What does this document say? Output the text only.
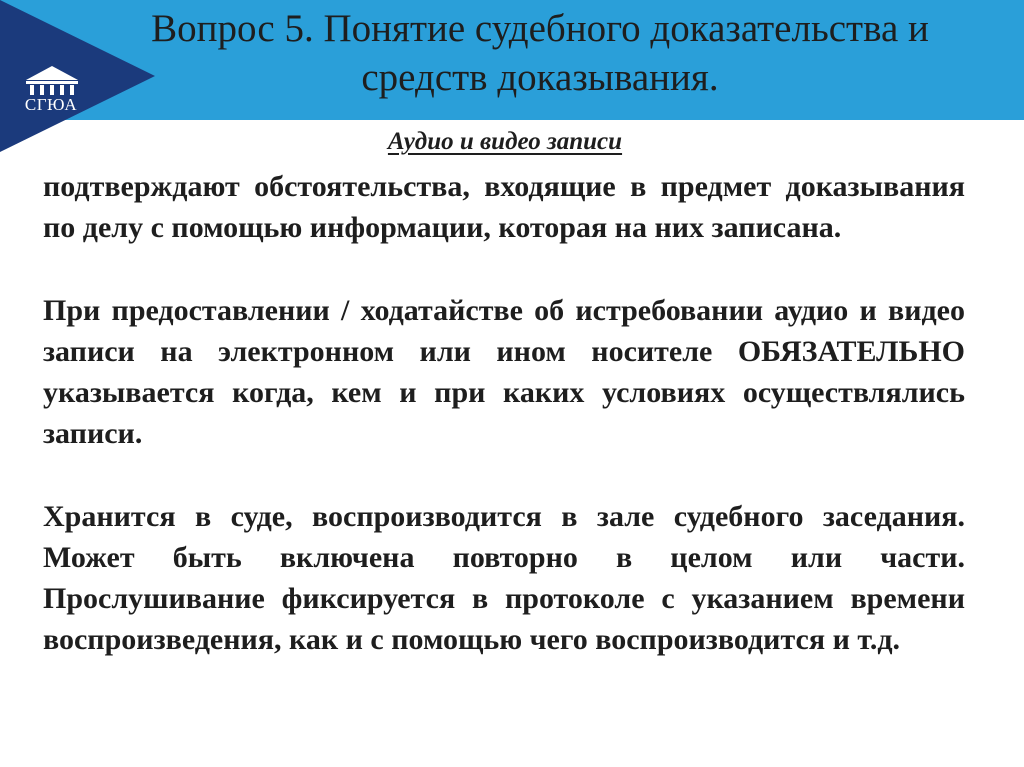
СГЮА
Вопрос 5. Понятие судебного доказательства и средств доказывания.
Аудио и видео записи

подтверждают обстоятельства, входящие в предмет доказывания по делу с помощью информации, которая на них записана.

При предоставлении / ходатайстве об истребовании аудио и видео записи на электронном или ином носителе ОБЯЗАТЕЛЬНО указывается когда, кем и при каких условиях осуществлялись записи.

Хранится в суде, воспроизводится в зале судебного заседания. Может быть включена повторно в целом или части. Прослушивание фиксируется в протоколе с указанием времени воспроизведения, как и с помощью чего воспроизводится и т.д.
